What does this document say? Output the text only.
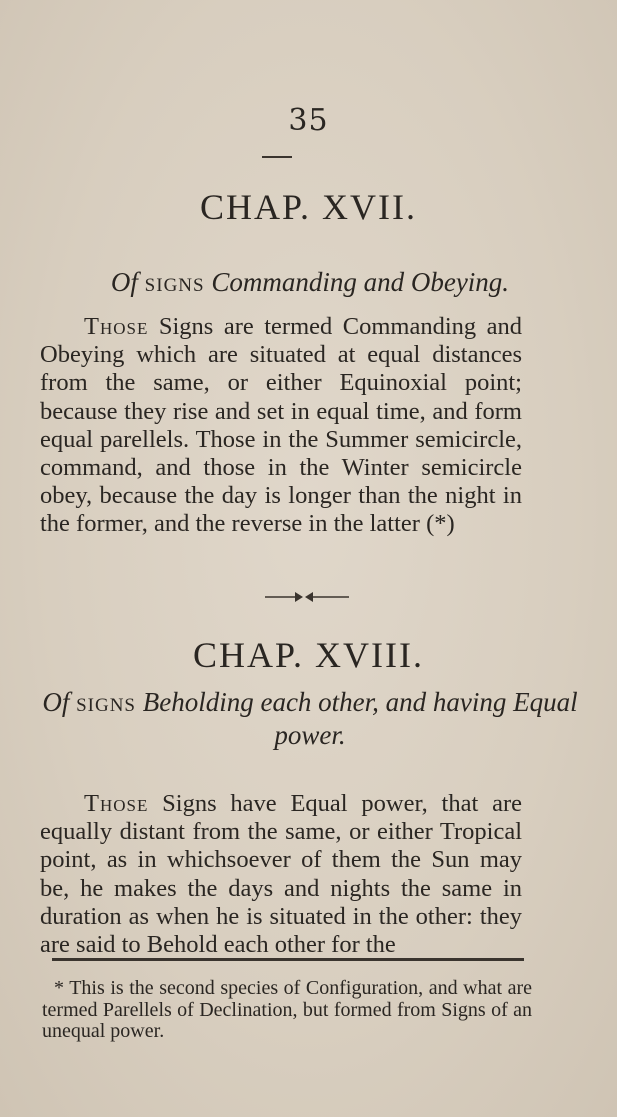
35
CHAP. XVII.
Of signs Commanding and Obeying.

Those Signs are termed Commanding and Obeying which are situated at equal distances from the same, or either Equinoxial point; because they rise and set in equal time, and form equal parellels. Those in the Summer semicircle, command, and those in the Winter semicircle obey, because the day is longer than the night in the former, and the reverse in the latter (*)

CHAP. XVIII.
Of signs Beholding each other, and having Equal power.

Those Signs have Equal power, that are equally distant from the same, or either Tropical point, as in whichsoever of them the Sun may be, he makes the days and nights the same in duration as when he is situated in the other: they are said to Behold each other for the

* This is the second species of Configuration, and what are termed Parellels of Declination, but formed from Signs of an unequal power.
